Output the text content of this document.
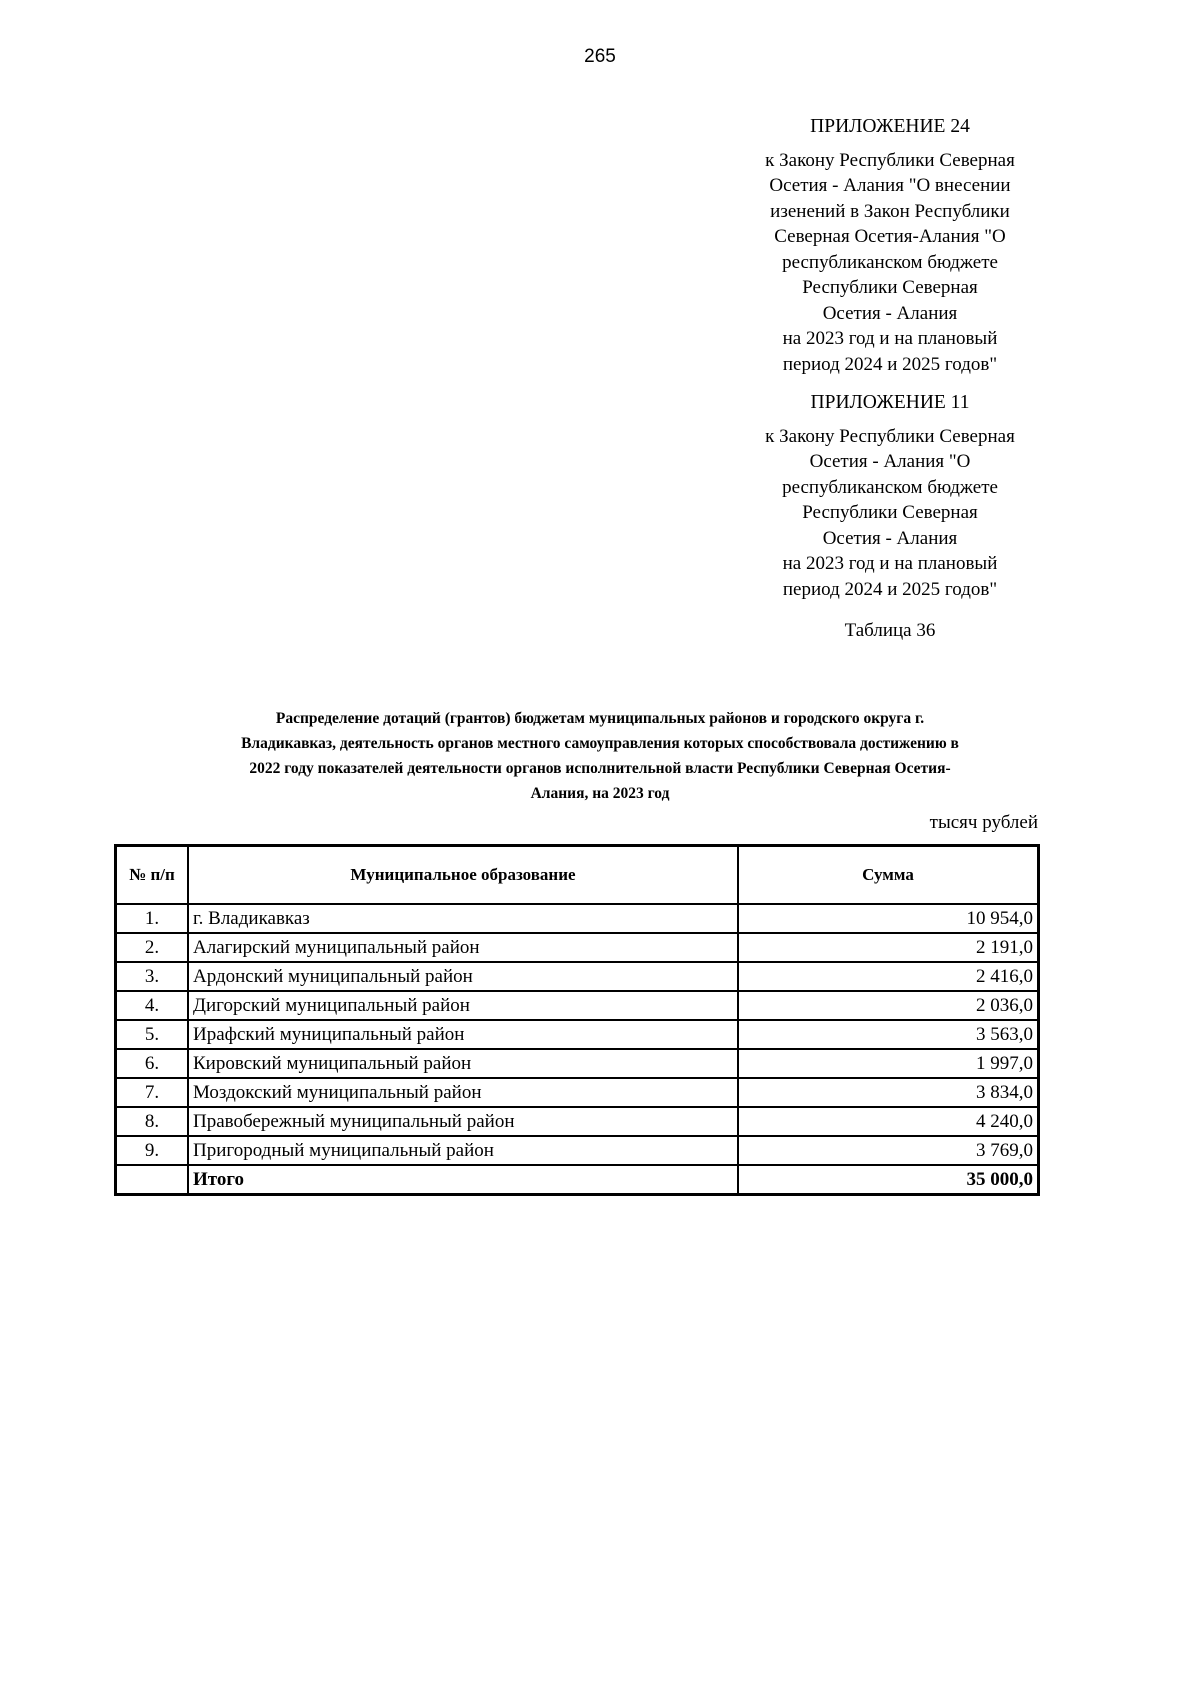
265
ПРИЛОЖЕНИЕ 24

к Закону Республики Северная

Осетия - Алания "О внесении

изенений в Закон Республики

Северная Осетия-Алания "О

республиканском бюджете

Республики Северная

Осетия - Алания

на 2023 год и на плановый

период 2024 и 2025 годов"

ПРИЛОЖЕНИЕ 11

к Закону Республики Северная

Осетия - Алания "О

республиканском бюджете

Республики Северная

Осетия - Алания

на 2023 год и на плановый

период 2024 и 2025 годов"

Таблица 36
Распределение дотаций (грантов) бюджетам муниципальных районов и городского округа г.
Владикавказ, деятельность органов местного самоуправления которых способствовала достижению в
2022 году показателей деятельности органов исполнительной власти Республики Северная Осетия-
Алания, на 2023 год
тысяч рублей
№ п/п	Муниципальное образование	Сумма
1.	г. Владикавказ	10 954,0
2.	Алагирский муниципальный район	2 191,0
3.	Ардонский муниципальный район	2 416,0
4.	Дигорский муниципальный район	2 036,0
5.	Ирафский муниципальный район	3 563,0
6.	Кировский муниципальный район	1 997,0
7.	Моздокский муниципальный район	3 834,0
8.	Правобережный муниципальный район	4 240,0
9.	Пригородный муниципальный район	3 769,0
	Итого	35 000,0
